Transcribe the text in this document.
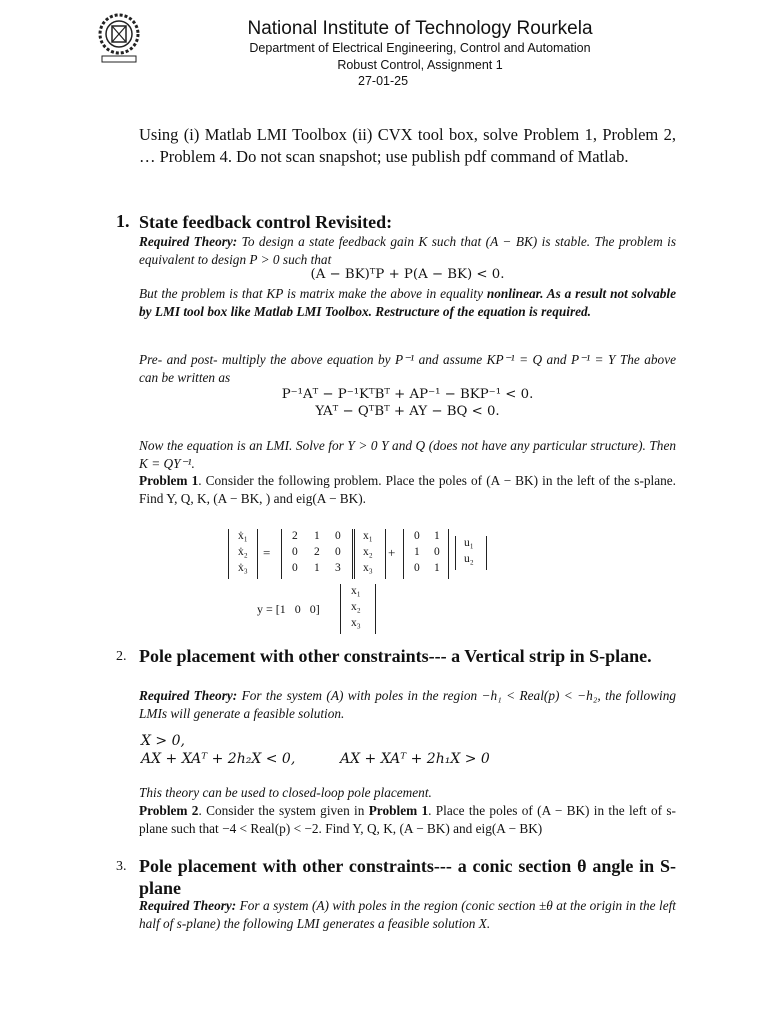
National Institute of Technology Rourkela
Department of Electrical Engineering, Control and Automation
Robust Control, Assignment 1
27-01-25
Using (i) Matlab LMI Toolbox (ii) CVX tool box, solve Problem 1, Problem 2, … Problem 4. Do not scan snapshot; use publish pdf command of Matlab.
1. State feedback control Revisited:
Required Theory: To design a state feedback gain K such that (A − BK) is stable. The problem is equivalent to design P > 0 such that
(A − BK)ᵀP + P(A − BK) < 0.
But the problem is that KP is matrix make the above in equality nonlinear. As a result not solvable by LMI tool box like Matlab LMI Toolbox. Restructure of the equation is required.
Pre- and post- multiply the above equation by P⁻¹ and assume KP⁻¹ = Q and P⁻¹ = Y The above can be written as
P⁻¹Aᵀ − P⁻¹KᵀBᵀ + AP⁻¹ − BKP⁻¹ < 0.
YAᵀ − QᵀBᵀ + AY − BQ < 0.
Now the equation is an LMI. Solve for Y > 0 Y and Q (does not have any particular structure). Then K = QY⁻¹.
Problem 1. Consider the following problem. Place the poles of (A − BK) in the left of the s-plane. Find Y, Q, K, (A − BK, ) and eig(A − BK).
ẋ₁
ẋ₂
ẋ₃
=
2 1 0
0 2 0
0 1 3
x₁
x₂
x₃
+
0 1
1 0
0 1
u₁
u₂
y = [1   0   0]
x₁
x₂
x₃
2. Pole placement with other constraints--- a Vertical strip in S-plane.
Required Theory: For the system (A) with poles in the region −h₁ < Real(p) < −h₂, the following LMIs will generate a feasible solution.
X > 0,
AX + XAᵀ + 2h₂X < 0,	AX + XAᵀ + 2h₁X > 0
This theory can be used to closed-loop pole placement.
Problem 2. Consider the system given in Problem 1. Place the poles of (A − BK) in the left of s-plane such that −4 < Real(p) < −2. Find Y, Q, K, (A − BK) and eig(A − BK)
3. Pole placement with other constraints--- a conic section θ angle in S-plane
Required Theory: For a system (A) with poles in the region (conic section ±θ at the origin in the left half of s-plane) the following LMI generates a feasible solution X.
